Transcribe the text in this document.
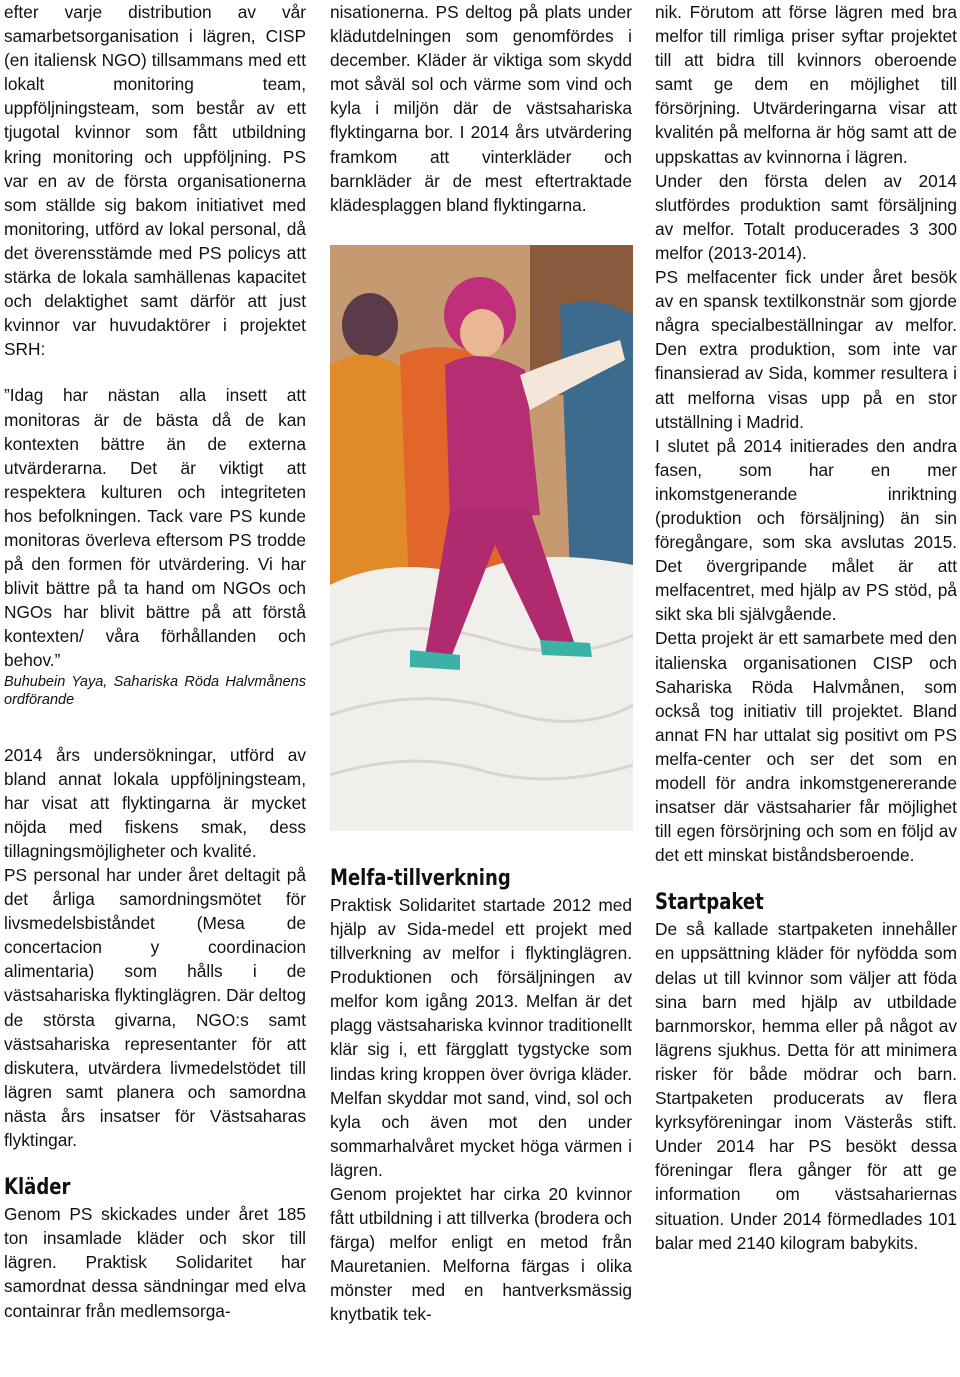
efter varje distribution av vår samarbetsorganisation i lägren, CISP (en italiensk NGO) tillsammans med ett lokalt monitoring team, uppföljningsteam, som består av ett tjugotal kvinnor som fått utbildning kring monitoring och uppföljning. PS var en av de första organisationerna som ställde sig bakom initiativet med monitoring, utförd av lokal personal, då det överensstämde med PS policys att stärka de lokala samhällenas kapacitet och delaktighet samt därför att just kvinnor var huvudaktörer i projektet SRH:

”Idag har nästan alla insett att monitoras är de bästa då de kan kontexten bättre än de externa utvärderarna. Det är viktigt att respektera kulturen och integriteten hos befolkningen. Tack vare PS kunde monitoras överleva eftersom PS trodde på den formen för utvärdering. Vi har blivit bättre på ta hand om NGOs och NGOs har blivit bättre på att förstå kontexten/ våra förhållanden och behov.”

Buhubein Yaya, Sahariska Röda Halvmånens ordförande

2014 års undersökningar, utförd av bland annat lokala uppföljningsteam, har visat att flyktingarna är mycket nöjda med fiskens smak, dess tillagningsmöjligheter och kvalité.

PS personal har under året deltagit på det årliga samordningsmötet för livsmedelsbiståndet (Mesa de concertacion y coordinacion alimentaria) som hålls i de västsahariska flyktinglägren. Där deltog de största givarna, NGO:s samt västsahariska representanter för att diskutera, utvärdera livmedelstödet till lägren samt planera och samordna nästa års insatser för Västsaharas flyktingar.

Kläder

Genom PS skickades under året 185 ton insamlade kläder och skor till lägren. Praktisk Solidaritet har samordnat dessa sändningar med elva containrar från medlemsorga-

nisationerna. PS deltog på plats under klädutdelningen som genomfördes i december. Kläder är viktiga som skydd mot såväl sol och värme som vind och kyla i miljön där de västsahariska flyktingarna bor. I 2014 års utvärdering framkom att vinterkläder och barnkläder är de mest eftertraktade klädesplaggen bland flyktingarna.

Melfa-tillverkning

Praktisk Solidaritet startade 2012 med hjälp av Sida-medel ett projekt med tillverkning av melfor i flyktinglägren. Produktionen och försäljningen av melfor kom igång 2013. Melfan är det plagg västsahariska kvinnor traditionellt klär sig i, ett färgglatt tygstycke som lindas kring kroppen över övriga kläder. Melfan skyddar mot sand, vind, sol och kyla och även mot den under sommarhalvåret mycket höga värmen i lägren.

Genom projektet har cirka 20 kvinnor fått utbildning i att tillverka (brodera och färga) melfor enligt en metod från Mauretanien. Melforna färgas i olika mönster med en hantverksmässig knytbatik tek-

nik. Förutom att förse lägren med bra melfor till rimliga priser syftar projektet till att bidra till kvinnors oberoende samt ge dem en möjlighet till försörjning. Utvärderingarna visar att kvalitén på melforna är hög samt att de uppskattas av kvinnorna i lägren.

Under den första delen av 2014 slutfördes produktion samt försäljning av melfor. Totalt producerades 3 300 melfor (2013-2014).

PS melfacenter fick under året besök av en spansk textilkonstnär som gjorde några specialbeställningar av melfor. Den extra produktion, som inte var finansierad av Sida, kommer resultera i att melforna visas upp på en stor utställning i Madrid.

I slutet på 2014 initierades den andra fasen, som har en mer inkomstgenerande inriktning (produktion och försäljning) än sin föregångare, som ska avslutas 2015. Det övergripande målet är att melfacentret, med hjälp av PS stöd, på sikt ska bli självgående.

Detta projekt är ett samarbete med den italienska organisationen CISP och Sahariska Röda Halvmånen, som också tog initiativ till projektet. Bland annat FN har uttalat sig positivt om PS melfa-center och ser det som en modell för andra inkomstgenererande insatser där västsaharier får möjlighet till egen försörjning och som en följd av det ett minskat biståndsberoende.

Startpaket

De så kallade startpaketen innehåller en uppsättning kläder för nyfödda som delas ut till kvinnor som väljer att föda sina barn med hjälp av utbildade barnmorskor, hemma eller på något av lägrens sjukhus. Detta för att minimera risker för både mödrar och barn. Startpaketen producerats av flera kyrksyföreningar inom Västerås stift. Under 2014 har PS besökt dessa föreningar flera gånger för att ge information om västsahariernas situation. Under 2014 förmedlades 101 balar med 2140 kilogram babykits.
